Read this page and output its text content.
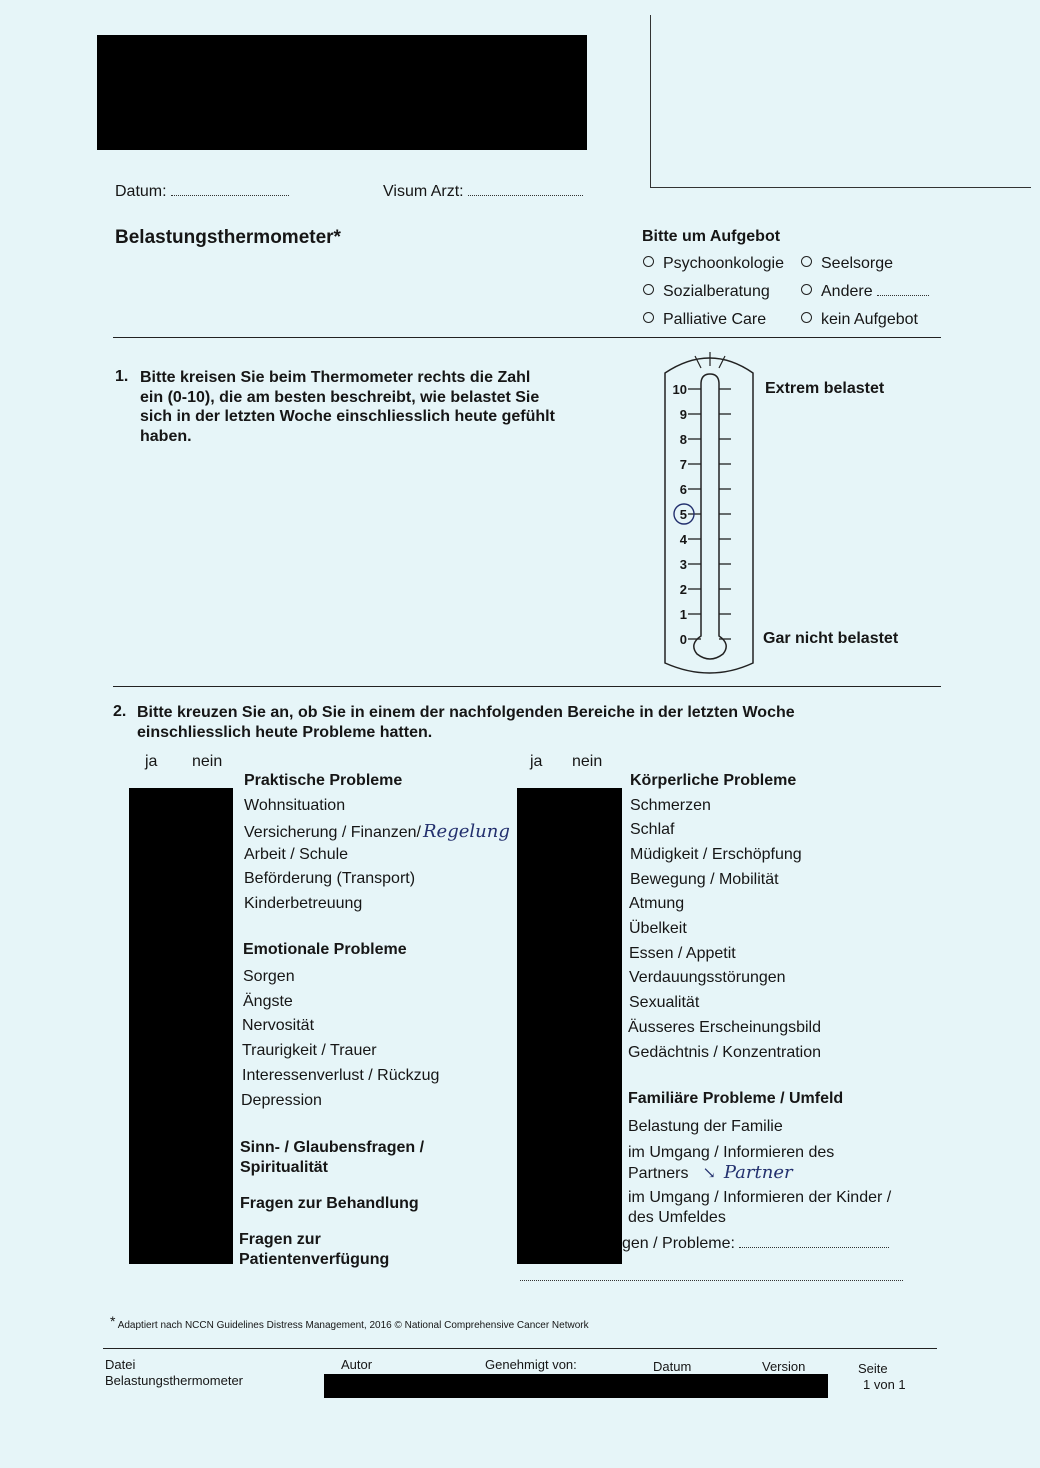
Datum:	Visum Arzt:
Belastungsthermometer*	Bitte um Aufgebot
Psychoonkologie
Sozialberatung
Palliative Care
Seelsorge
Andere
kein Aufgebot
1. Bitte kreisen Sie beim Thermometer rechts die Zahl
ein (0-10), die am besten beschreibt, wie belastet Sie
sich in der letzten Woche einschliesslich heute gefühlt
haben.
10
9
8
7
6
5
4
3
2
1
0
Extrem belastet
Gar nicht belastet
2. Bitte kreuzen Sie an, ob Sie in einem der nachfolgenden Bereiche in der letzten Woche
einschliesslich heute Probleme hatten.
ja nein	ja nein
Praktische Probleme
Wohnsituation
Versicherung / Finanzen/ Regelung
Arbeit / Schule
Beförderung (Transport)
Kinderbetreuung
Emotionale Probleme
Sorgen
Ängste
Nervosität
Traurigkeit / Trauer
Interessenverlust / Rückzug
Depression
Sinn- / Glaubensfragen /
Spiritualität
Fragen zur Behandlung
Fragen zur
Patientenverfügung
Körperliche Probleme
Schmerzen
Schlaf
Müdigkeit / Erschöpfung
Bewegung / Mobilität
Atmung
Übelkeit
Essen / Appetit
Verdauungsstörungen
Sexualität
Äusseres Erscheinungsbild
Gedächtnis / Konzentration
Familiäre Probleme / Umfeld
Belastung der Familie
im Umgang / Informieren des
Partners ↘ Partner
im Umgang / Informieren der Kinder /
des Umfeldes
gen / Probleme:
* Adaptiert nach NCCN Guidelines Distress Management, 2016 © National Comprehensive Cancer Network
Datei
Belastungsthermometer
Autor	Genehmigt von:	Datum	Version	Seite
1 von 1
